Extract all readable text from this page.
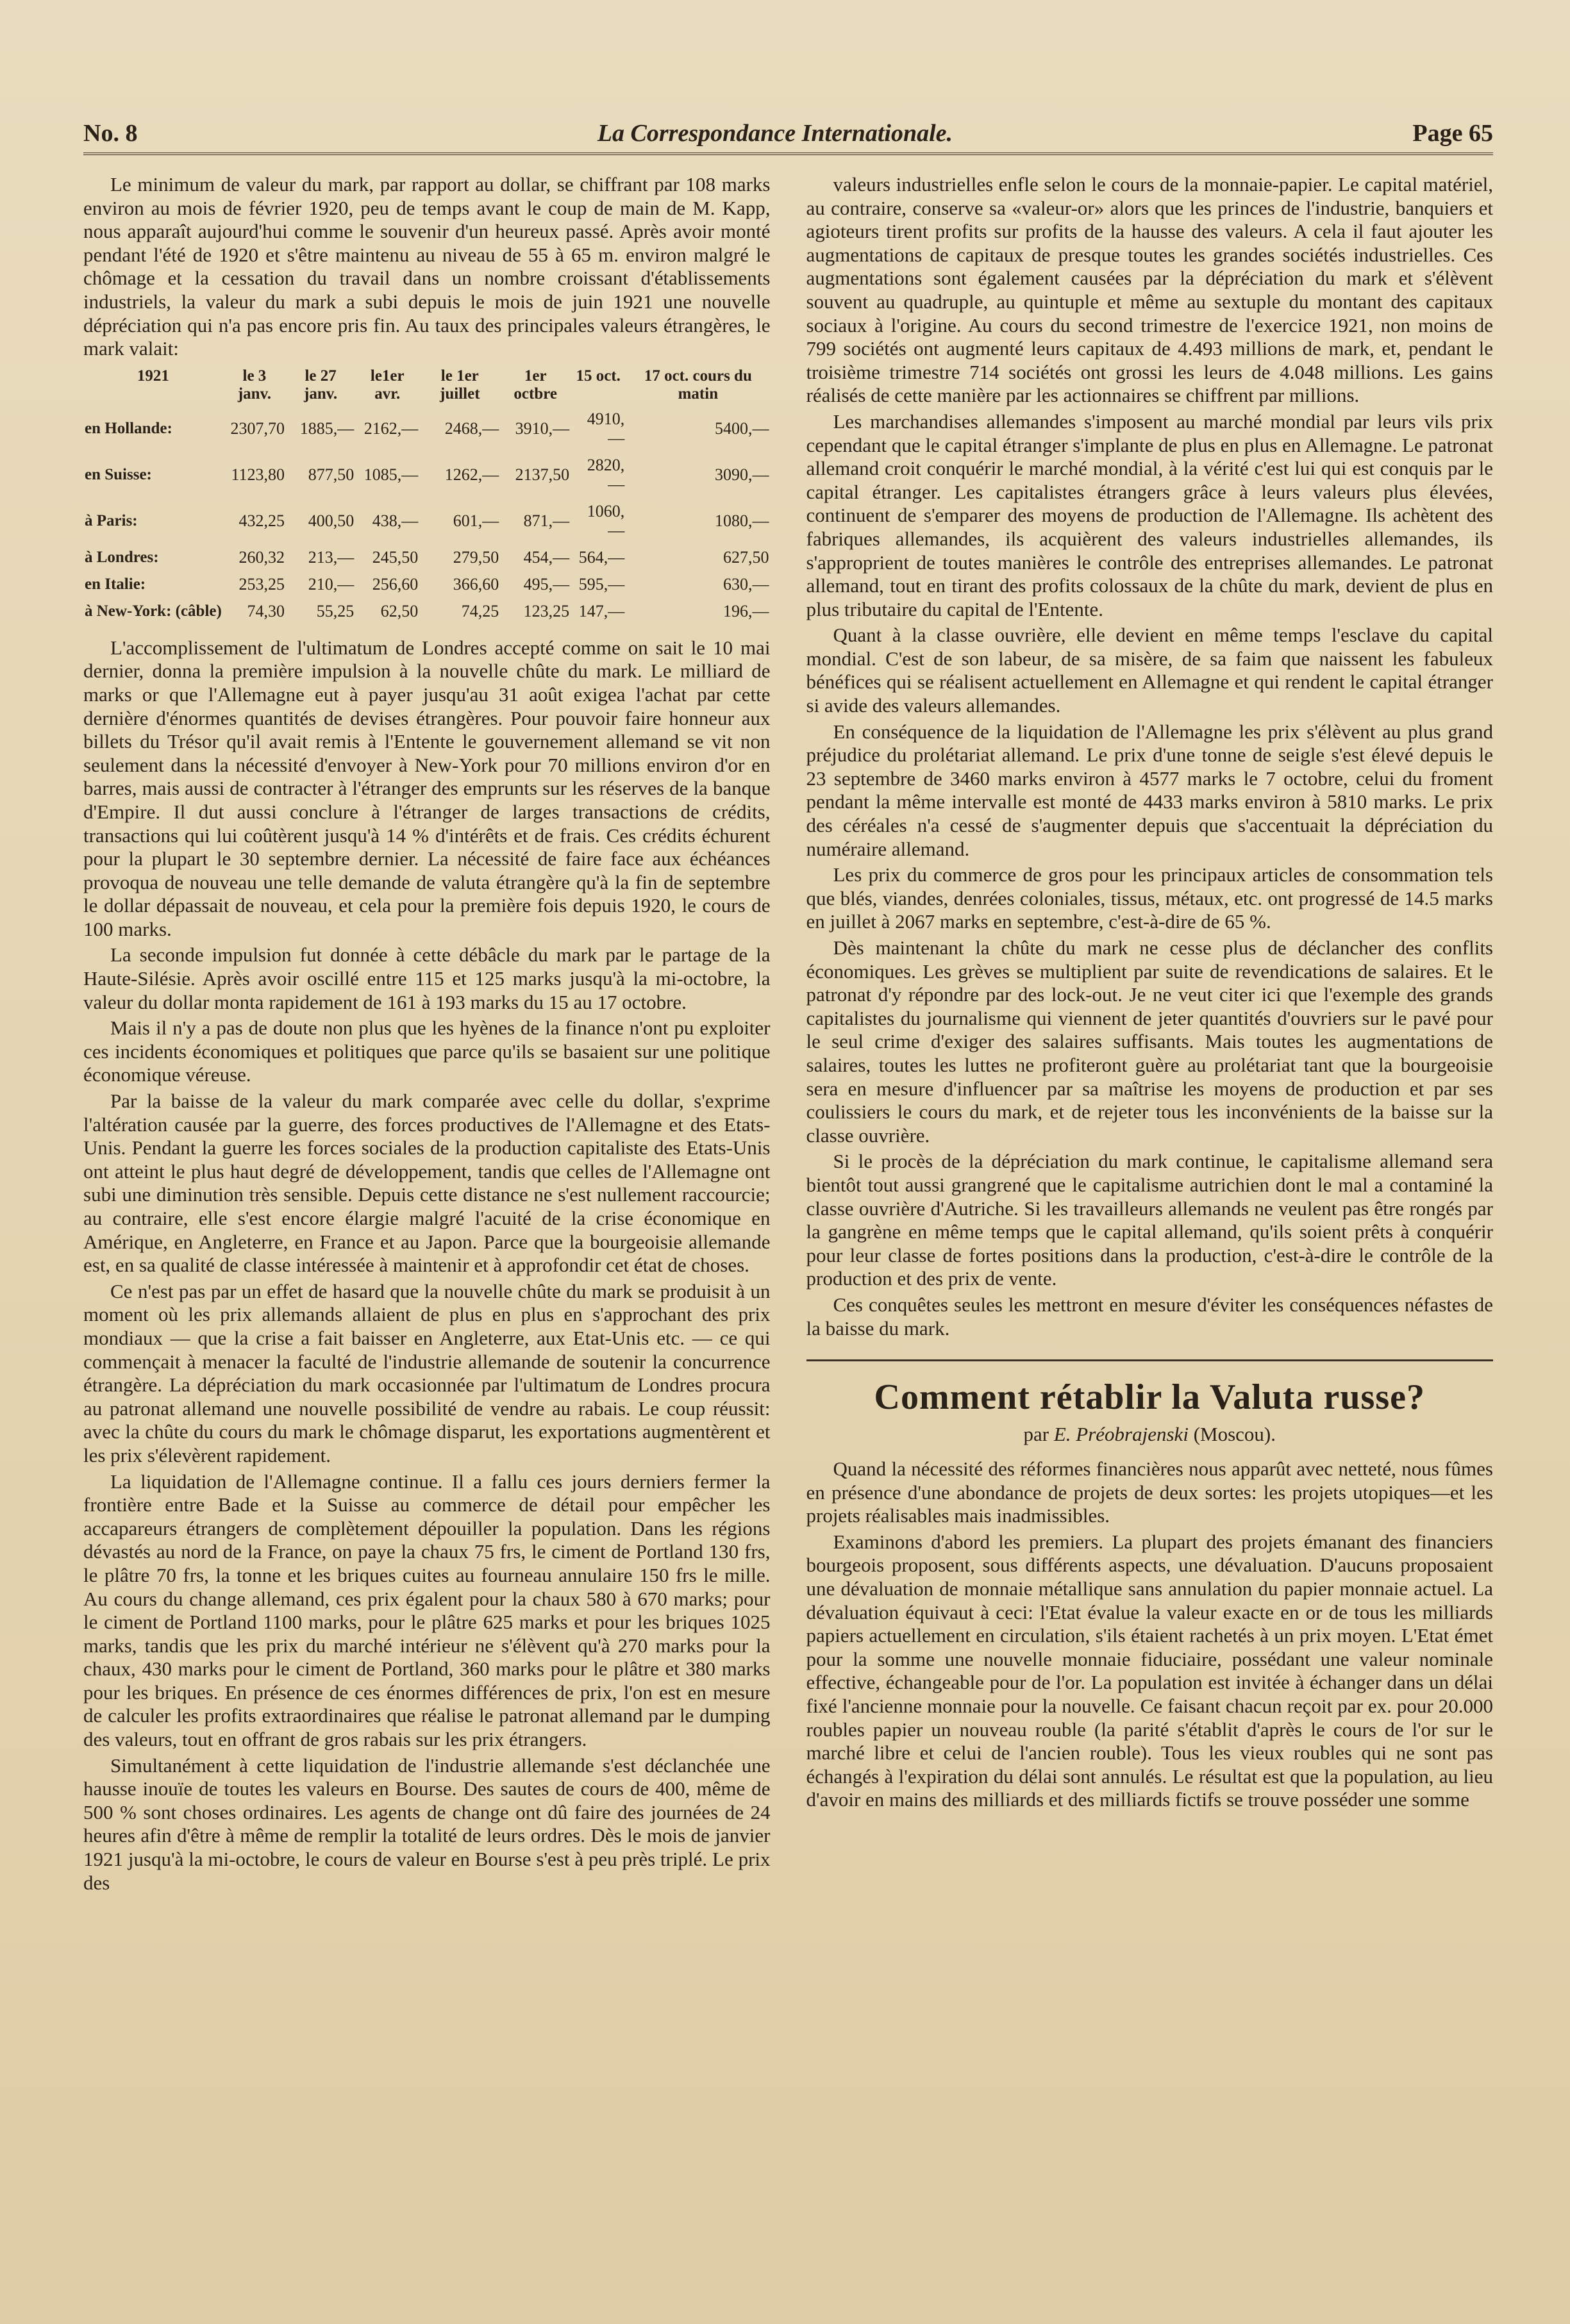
No. 8	La Correspondance Internationale.	Page 65

Le minimum de valeur du mark, par rapport au dollar, se chiffrant par 108 marks environ au mois de février 1920, peu de temps avant le coup de main de M. Kapp, nous apparaît aujourd'hui comme le souvenir d'un heureux passé. Après avoir monté pendant l'été de 1920 et s'être maintenu au niveau de 55 à 65 m. environ malgré le chômage et la cessation du travail dans un nombre croissant d'établissements industriels, la valeur du mark a subi depuis le mois de juin 1921 une nouvelle dépréciation qui n'a pas encore pris fin. Au taux des principales valeurs étrangères, le mark valait:

1921	le 3 janv.	le 27 janv.	le1er avr.	le 1er juillet	1er octbre	15 oct.	17 oct. cours du matin
en Hollande:	2307,70	1885,—	2162,—	2468,—	3910,—	4910,—	5400,—
en Suisse:	1123,80	877,50	1085,—	1262,—	2137,50	2820,—	3090,—
à Paris:	432,25	400,50	438,—	601,—	871,—	1060,—	1080,—
à Londres:	260,32	213,—	245,50	279,50	454,—	564,—	627,50
en Italie:	253,25	210,—	256,60	366,60	495,—	595,—	630,—
à New-York: (câble)	74,30	55,25	62,50	74,25	123,25	147,—	196,—

L'accomplissement de l'ultimatum de Londres accepté comme on sait le 10 mai dernier, donna la première impulsion à la nouvelle chûte du mark. Le milliard de marks or que l'Allemagne eut à payer jusqu'au 31 août exigea l'achat par cette dernière d'énormes quantités de devises étrangères. Pour pouvoir faire honneur aux billets du Trésor qu'il avait remis à l'Entente le gouvernement allemand se vit non seulement dans la nécessité d'envoyer à New-York pour 70 millions environ d'or en barres, mais aussi de contracter à l'étranger des emprunts sur les réserves de la banque d'Empire. Il dut aussi conclure à l'étranger de larges transactions de crédits, transactions qui lui coûtèrent jusqu'à 14 % d'intérêts et de frais. Ces crédits échurent pour la plupart le 30 septembre dernier. La nécessité de faire face aux échéances provoqua de nouveau une telle demande de valuta étrangère qu'à la fin de septembre le dollar dépassait de nouveau, et cela pour la première fois depuis 1920, le cours de 100 marks.

La seconde impulsion fut donnée à cette débâcle du mark par le partage de la Haute-Silésie. Après avoir oscillé entre 115 et 125 marks jusqu'à la mi-octobre, la valeur du dollar monta rapidement de 161 à 193 marks du 15 au 17 octobre.

Mais il n'y a pas de doute non plus que les hyènes de la finance n'ont pu exploiter ces incidents économiques et politiques que parce qu'ils se basaient sur une politique économique véreuse.

Par la baisse de la valeur du mark comparée avec celle du dollar, s'exprime l'altération causée par la guerre, des forces productives de l'Allemagne et des Etats-Unis. Pendant la guerre les forces sociales de la production capitaliste des Etats-Unis ont atteint le plus haut degré de développement, tandis que celles de l'Allemagne ont subi une diminution très sensible. Depuis cette distance ne s'est nullement raccourcie; au contraire, elle s'est encore élargie malgré l'acuité de la crise économique en Amérique, en Angleterre, en France et au Japon. Parce que la bourgeoisie allemande est, en sa qualité de classe intéressée à maintenir et à approfondir cet état de choses.

Ce n'est pas par un effet de hasard que la nouvelle chûte du mark se produisit à un moment où les prix allemands allaient de plus en plus en s'approchant des prix mondiaux — que la crise a fait baisser en Angleterre, aux Etat-Unis etc. — ce qui commençait à menacer la faculté de l'industrie allemande de soutenir la concurrence étrangère. La dépréciation du mark occasionnée par l'ultimatum de Londres procura au patronat allemand une nouvelle possibilité de vendre au rabais. Le coup réussit: avec la chûte du cours du mark le chômage disparut, les exportations augmentèrent et les prix s'élevèrent rapidement.

La liquidation de l'Allemagne continue. Il a fallu ces jours derniers fermer la frontière entre Bade et la Suisse au commerce de détail pour empêcher les accapareurs étrangers de complètement dépouiller la population. Dans les régions dévastés au nord de la France, on paye la chaux 75 frs, le ciment de Portland 130 frs, le plâtre 70 frs, la tonne et les briques cuites au fourneau annulaire 150 frs le mille. Au cours du change allemand, ces prix égalent pour la chaux 580 à 670 marks; pour le ciment de Portland 1100 marks, pour le plâtre 625 marks et pour les briques 1025 marks, tandis que les prix du marché intérieur ne s'élèvent qu'à 270 marks pour la chaux, 430 marks pour le ciment de Portland, 360 marks pour le plâtre et 380 marks pour les briques. En présence de ces énormes différences de prix, l'on est en mesure de calculer les profits extraordinaires que réalise le patronat allemand par le dumping des valeurs, tout en offrant de gros rabais sur les prix étrangers.

Simultanément à cette liquidation de l'industrie allemande s'est déclanchée une hausse inouïe de toutes les valeurs en Bourse. Des sautes de cours de 400, même de 500 % sont choses ordinaires. Les agents de change ont dû faire des journées de 24 heures afin d'être à même de remplir la totalité de leurs ordres. Dès le mois de janvier 1921 jusqu'à la mi-octobre, le cours de valeur en Bourse s'est à peu près triplé. Le prix des

valeurs industrielles enfle selon le cours de la monnaie-papier. Le capital matériel, au contraire, conserve sa «valeur-or» alors que les princes de l'industrie, banquiers et agioteurs tirent profits sur profits de la hausse des valeurs. A cela il faut ajouter les augmentations de capitaux de presque toutes les grandes sociétés industrielles. Ces augmentations sont également causées par la dépréciation du mark et s'élèvent souvent au quadruple, au quintuple et même au sextuple du montant des capitaux sociaux à l'origine. Au cours du second trimestre de l'exercice 1921, non moins de 799 sociétés ont augmenté leurs capitaux de 4.493 millions de mark, et, pendant le troisième trimestre 714 sociétés ont grossi les leurs de 4.048 millions. Les gains réalisés de cette manière par les actionnaires se chiffrent par millions.

Les marchandises allemandes s'imposent au marché mondial par leurs vils prix cependant que le capital étranger s'implante de plus en plus en Allemagne. Le patronat allemand croit conquérir le marché mondial, à la vérité c'est lui qui est conquis par le capital étranger. Les capitalistes étrangers grâce à leurs valeurs plus élevées, continuent de s'emparer des moyens de production de l'Allemagne. Ils achètent des fabriques allemandes, ils acquièrent des valeurs industrielles allemandes, ils s'approprient de toutes manières le contrôle des entreprises allemandes. Le patronat allemand, tout en tirant des profits colossaux de la chûte du mark, devient de plus en plus tributaire du capital de l'Entente.

Quant à la classe ouvrière, elle devient en même temps l'esclave du capital mondial. C'est de son labeur, de sa misère, de sa faim que naissent les fabuleux bénéfices qui se réalisent actuellement en Allemagne et qui rendent le capital étranger si avide des valeurs allemandes.

En conséquence de la liquidation de l'Allemagne les prix s'élèvent au plus grand préjudice du prolétariat allemand. Le prix d'une tonne de seigle s'est élevé depuis le 23 septembre de 3460 marks environ à 4577 marks le 7 octobre, celui du froment pendant la même intervalle est monté de 4433 marks environ à 5810 marks. Le prix des céréales n'a cessé de s'augmenter depuis que s'accentuait la dépréciation du numéraire allemand.

Les prix du commerce de gros pour les principaux articles de consommation tels que blés, viandes, denrées coloniales, tissus, métaux, etc. ont progressé de 14.5 marks en juillet à 2067 marks en septembre, c'est-à-dire de 65 %.

Dès maintenant la chûte du mark ne cesse plus de déclancher des conflits économiques. Les grèves se multiplient par suite de revendications de salaires. Et le patronat d'y répondre par des lock-out. Je ne veut citer ici que l'exemple des grands capitalistes du journalisme qui viennent de jeter quantités d'ouvriers sur le pavé pour le seul crime d'exiger des salaires suffisants. Mais toutes les augmentations de salaires, toutes les luttes ne profiteront guère au prolétariat tant que la bourgeoisie sera en mesure d'influencer par sa maîtrise les moyens de production et par ses coulissiers le cours du mark, et de rejeter tous les inconvénients de la baisse sur la classe ouvrière.

Si le procès de la dépréciation du mark continue, le capitalisme allemand sera bientôt tout aussi grangrené que le capitalisme autrichien dont le mal a contaminé la classe ouvrière d'Autriche. Si les travailleurs allemands ne veulent pas être rongés par la gangrène en même temps que le capital allemand, qu'ils soient prêts à conquérir pour leur classe de fortes positions dans la production, c'est-à-dire le contrôle de la production et des prix de vente.

Ces conquêtes seules les mettront en mesure d'éviter les conséquences néfastes de la baisse du mark.

Comment rétablir la Valuta russe?
par E. Préobrajenski (Moscou).

Quand la nécessité des réformes financières nous apparût avec netteté, nous fûmes en présence d'une abondance de projets de deux sortes: les projets utopiques—et les projets réalisables mais inadmissibles.

Examinons d'abord les premiers. La plupart des projets émanant des financiers bourgeois proposent, sous différents aspects, une dévaluation. D'aucuns proposaient une dévaluation de monnaie métallique sans annulation du papier monnaie actuel. La dévaluation équivaut à ceci: l'Etat évalue la valeur exacte en or de tous les milliards papiers actuellement en circulation, s'ils étaient rachetés à un prix moyen. L'Etat émet pour la somme une nouvelle monnaie fiduciaire, possédant une valeur nominale effective, échangeable pour de l'or. La population est invitée à échanger dans un délai fixé l'ancienne monnaie pour la nouvelle. Ce faisant chacun reçoit par ex. pour 20.000 roubles papier un nouveau rouble (la parité s'établit d'après le cours de l'or sur le marché libre et celui de l'ancien rouble). Tous les vieux roubles qui ne sont pas échangés à l'expiration du délai sont annulés. Le résultat est que la population, au lieu d'avoir en mains des milliards et des milliards fictifs se trouve posséder une somme
